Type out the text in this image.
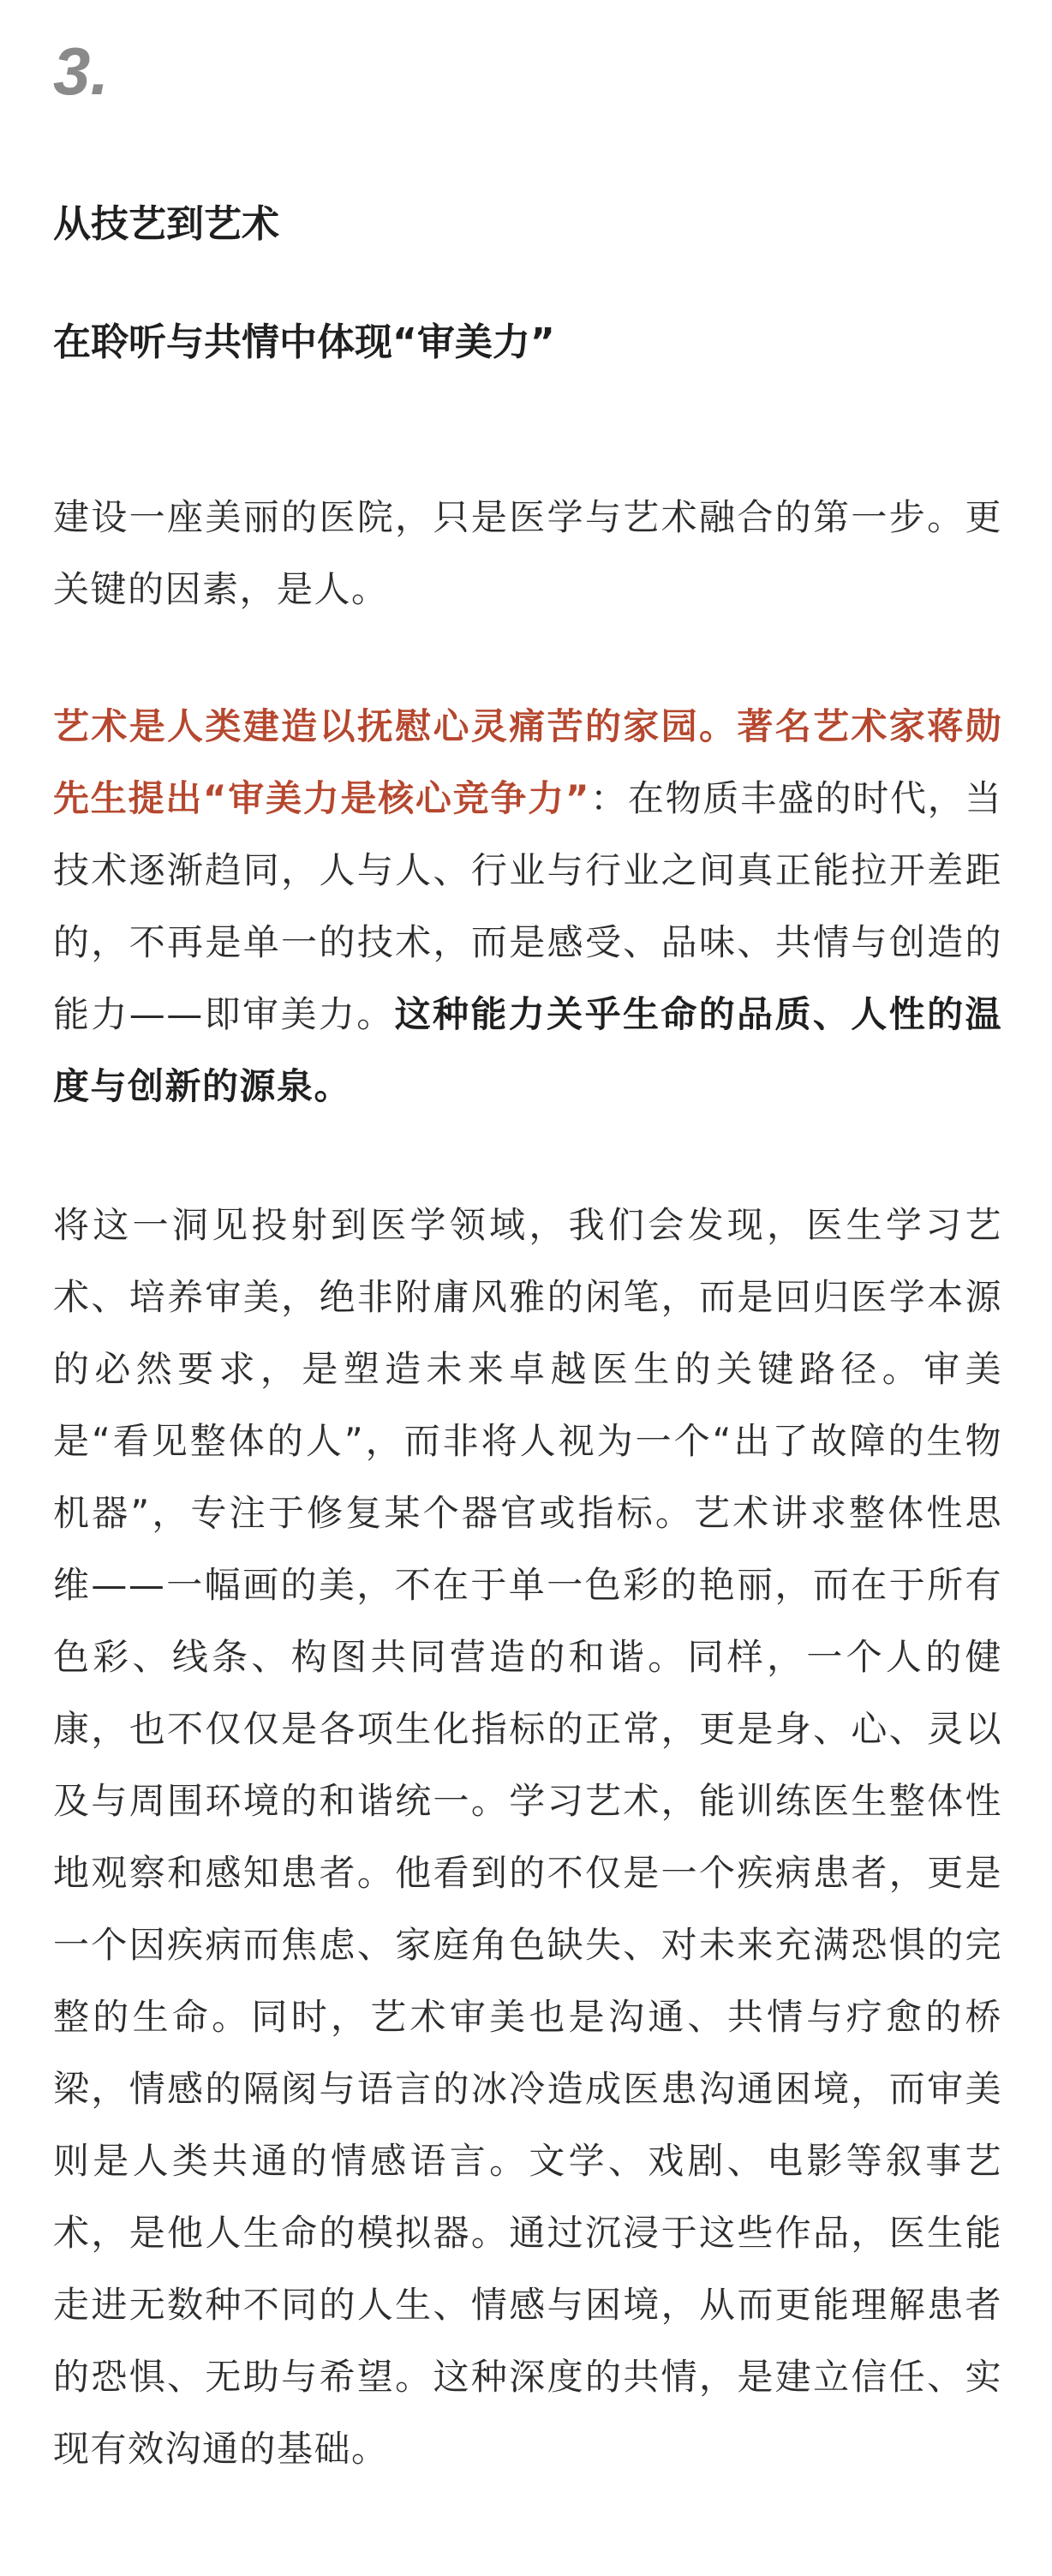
3.
从技艺到艺术
在聆听与共情中体现“审美力”

建设一座美丽的医院，只是医学与艺术融合的第一步。更关键的因素，是人。

艺术是人类建造以抚慰心灵痛苦的家园。著名艺术家蒋勋先生提出“审美力是核心竞争力”：在物质丰盛的时代，当技术逐渐趋同，人与人、行业与行业之间真正能拉开差距的，不再是单一的技术，而是感受、品味、共情与创造的能力——即审美力。这种能力关乎生命的品质、人性的温度与创新的源泉。

将这一洞见投射到医学领域，我们会发现，医生学习艺术、培养审美，绝非附庸风雅的闲笔，而是回归医学本源的必然要求，是塑造未来卓越医生的关键路径。审美是“看见整体的人”，而非将人视为一个“出了故障的生物机器”，专注于修复某个器官或指标。艺术讲求整体性思维——一幅画的美，不在于单一色彩的艳丽，而在于所有色彩、线条、构图共同营造的和谐。同样，一个人的健康，也不仅仅是各项生化指标的正常，更是身、心、灵以及与周围环境的和谐统一。学习艺术，能训练医生整体性地观察和感知患者。他看到的不仅是一个疾病患者，更是一个因疾病而焦虑、家庭角色缺失、对未来充满恐惧的完整的生命。同时，艺术审美也是沟通、共情与疗愈的桥梁，情感的隔阂与语言的冰冷造成医患沟通困境，而审美则是人类共通的情感语言。文学、戏剧、电影等叙事艺术，是他人生命的模拟器。通过沉浸于这些作品，医生能走进无数种不同的人生、情感与困境，从而更能理解患者的恐惧、无助与希望。这种深度的共情，是建立信任、实现有效沟通的基础。
